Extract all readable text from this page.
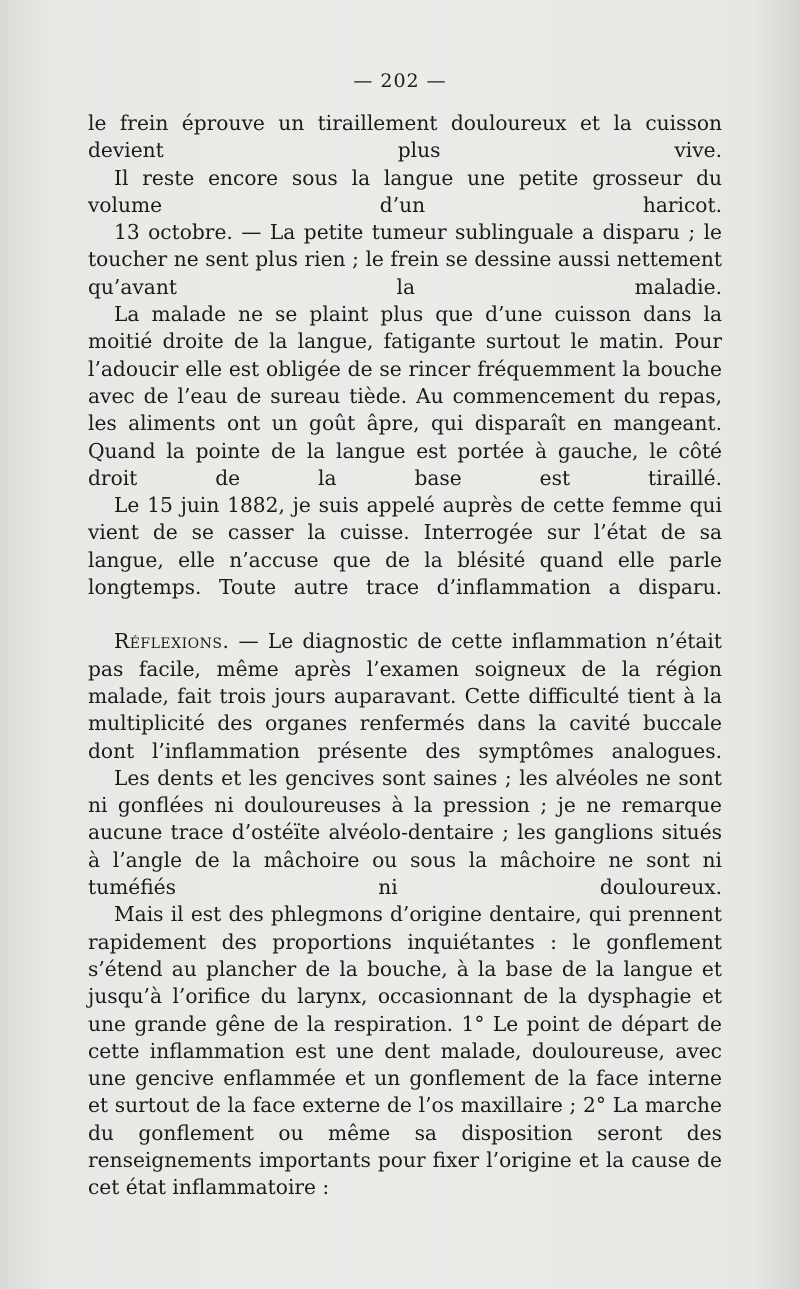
— 202 —

le frein éprouve un tiraillement douloureux et la cuisson devient plus vive.

Il reste encore sous la langue une petite grosseur du volume d’un haricot.

13 octobre. — La petite tumeur sublinguale a disparu ; le toucher ne sent plus rien ; le frein se dessine aussi nettement qu’avant la maladie.

La malade ne se plaint plus que d’une cuisson dans la moitié droite de la langue, fatigante surtout le matin. Pour l’adoucir elle est obligée de se rincer fréquemment la bouche avec de l’eau de sureau tiède. Au commencement du repas, les aliments ont un goût âpre, qui disparaît en mangeant. Quand la pointe de la langue est portée à gauche, le côté droit de la base est tiraillé.

Le 15 juin 1882, je suis appelé auprès de cette femme qui vient de se casser la cuisse. Interrogée sur l’état de sa langue, elle n’accuse que de la blésité quand elle parle longtemps. Toute autre trace d’inflammation a disparu.

Réflexions. — Le diagnostic de cette inflammation n’était pas facile, même après l’examen soigneux de la région malade, fait trois jours auparavant. Cette difficulté tient à la multiplicité des organes renfermés dans la cavité buccale dont l’inflammation présente des symptômes analogues.

Les dents et les gencives sont saines ; les alvéoles ne sont ni gonflées ni douloureuses à la pression ; je ne remarque aucune trace d’ostéïte alvéolo-dentaire ; les ganglions situés à l’angle de la mâchoire ou sous la mâchoire ne sont ni tuméfiés ni douloureux.

Mais il est des phlegmons d’origine dentaire, qui prennent rapidement des proportions inquiétantes : le gonflement s’étend au plancher de la bouche, à la base de la langue et jusqu’à l’orifice du larynx, occasionnant de la dysphagie et une grande gêne de la respiration. 1° Le point de départ de cette inflammation est une dent malade, douloureuse, avec une gencive enflammée et un gonflement de la face interne et surtout de la face externe de l’os maxillaire ; 2° La marche du gonflement ou même sa disposition seront des renseignements importants pour fixer l’origine et la cause de cet état inflammatoire :
